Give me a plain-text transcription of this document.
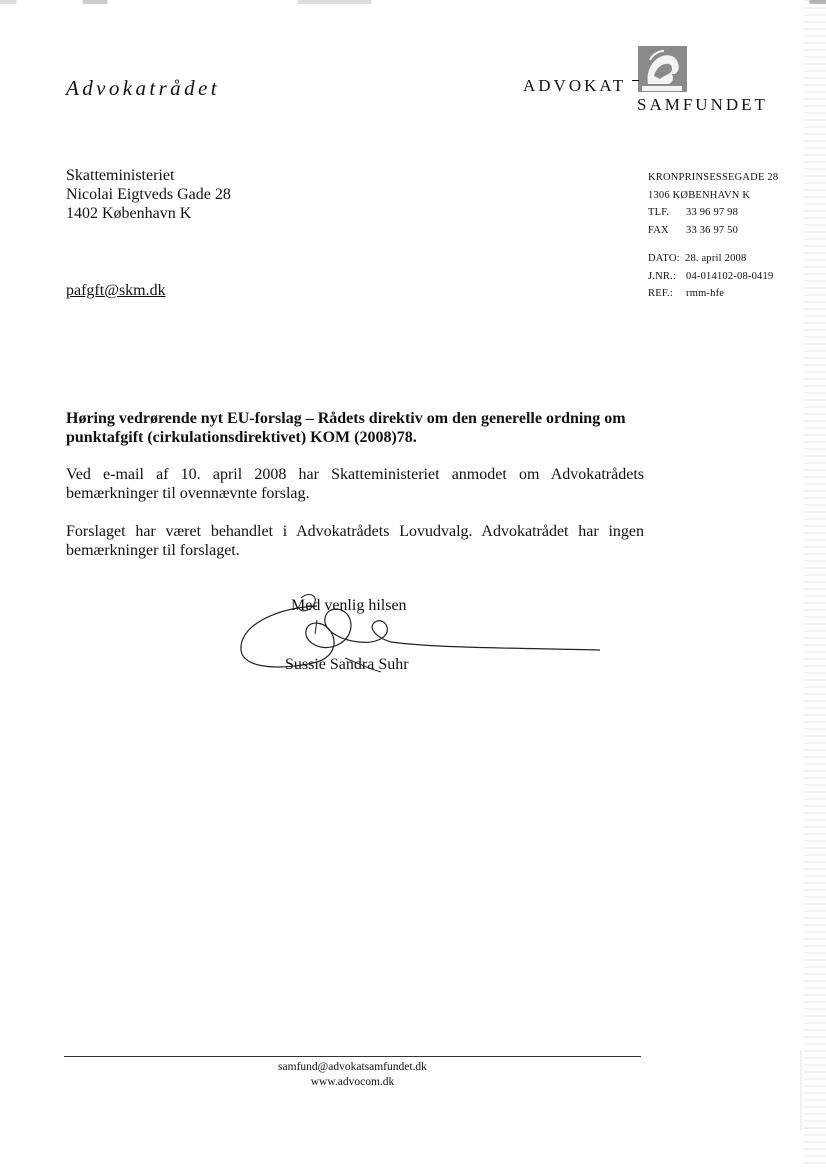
Advokatrådet	ADVOKAT
SAMFUNDET
Skatteministeriet
Nicolai Eigtveds Gade 28
1402 København K
pafgft@skm.dk
KRONPRINSESSEGADE 28
1306 KØBENHAVN K
TLF. 33 96 97 98
FAX 33 36 97 50
DATO: 28. april 2008
J.NR.: 04-014102-08-0419
REF.: rmm-hfe
Høring vedrørende nyt EU-forslag – Rådets direktiv om den generelle ordning om punktafgift (cirkulationsdirektivet) KOM (2008)78.
Ved e-mail af 10. april 2008 har Skatteministeriet anmodet om Advokatrådets bemærkninger til ovennævnte forslag.
Forslaget har været behandlet i Advokatrådets Lovudvalg. Advokatrådet har ingen bemærkninger til forslaget.
Med venlig hilsen
Sussie Sandra Suhr
samfund@advokatsamfundet.dk
www.advocom.dk
